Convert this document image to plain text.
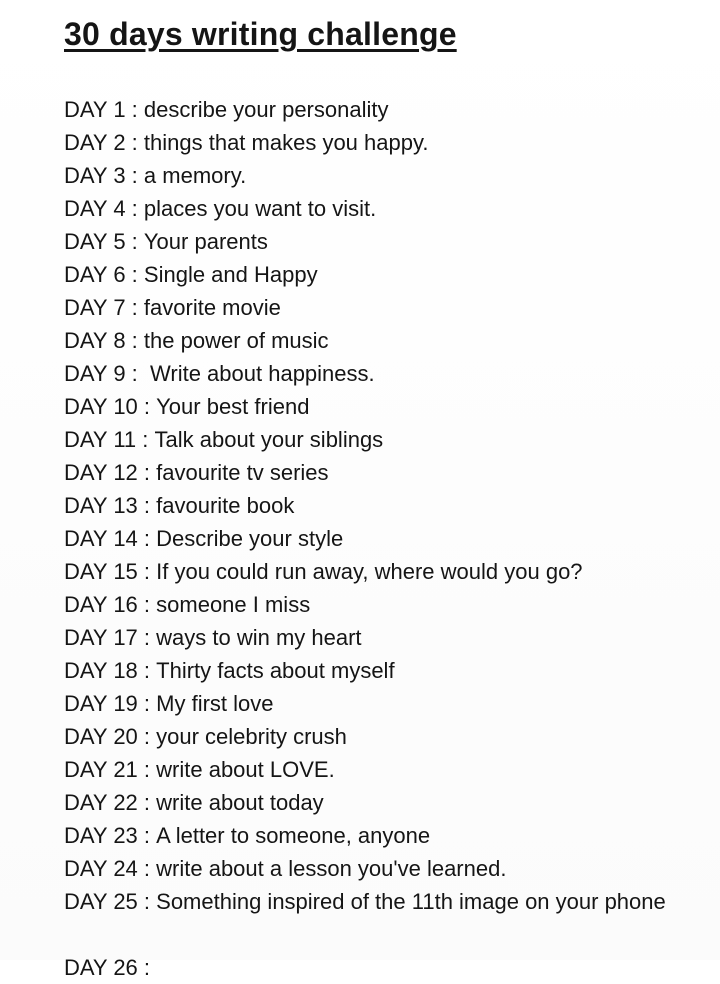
30 days writing challenge
DAY 1 : describe your personality
DAY 2 : things that makes you happy.
DAY 3 : a memory.
DAY 4 : places you want to visit.
DAY 5 : Your parents
DAY 6 : Single and Happy
DAY 7 : favorite movie
DAY 8 : the power of music
DAY 9 : Write about happiness.
DAY 10 : Your best friend
DAY 11 : Talk about your siblings
DAY 12 : favourite tv series
DAY 13 : favourite book
DAY 14 : Describe your style
DAY 15 : If you could run away, where would you go?
DAY 16 : someone I miss
DAY 17 : ways to win my heart
DAY 18 : Thirty facts about myself
DAY 19 : My first love
DAY 20 : your celebrity crush
DAY 21 : write about LOVE.
DAY 22 : write about today
DAY 23 : A letter to someone, anyone
DAY 24 : write about a lesson you've learned.
DAY 25 : Something inspired of the 11th image on your phone
DAY 26 :
